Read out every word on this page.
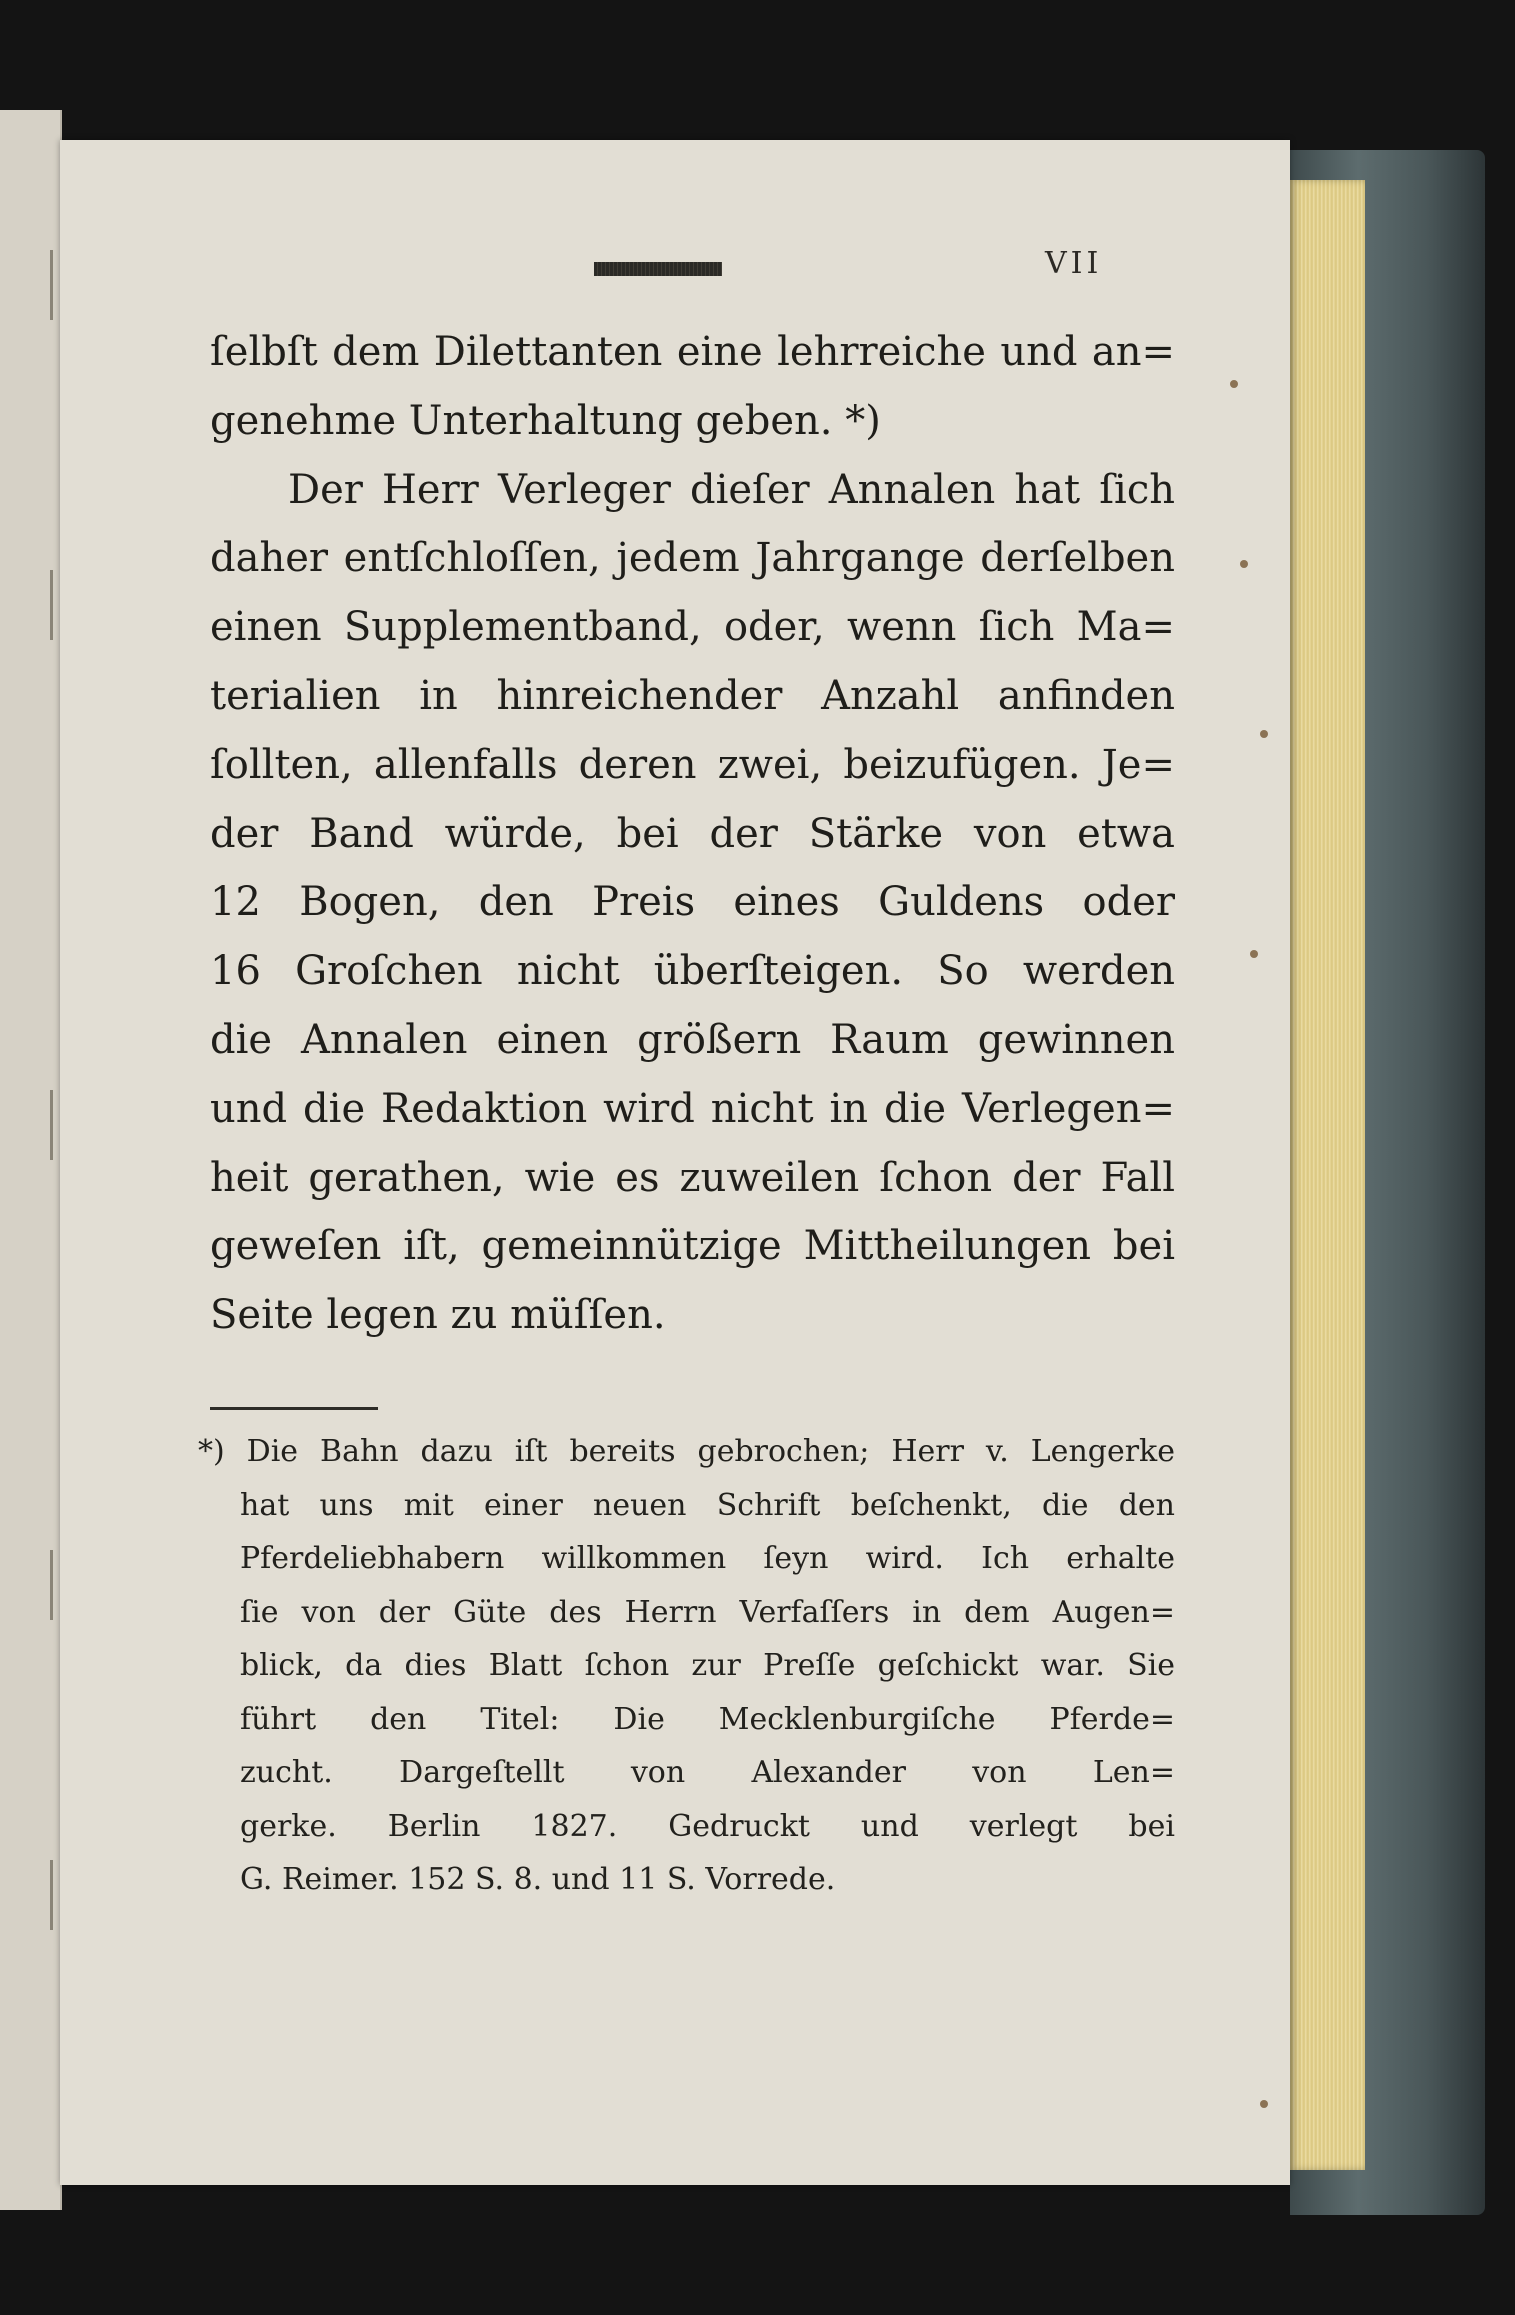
VII
ſelbſt dem Dilettanten eine lehrreiche und an=
genehme Unterhaltung geben. *)
Der Herr Verleger dieſer Annalen hat ſich
daher entſchloſſen, jedem Jahrgange derſelben
einen Supplementband, oder, wenn ſich Ma=
terialien in hinreichender Anzahl anfinden
ſollten, allenfalls deren zwei, beizufügen. Je=
der Band würde, bei der Stärke von etwa
12 Bogen, den Preis eines Guldens oder
16 Groſchen nicht überſteigen. So werden
die Annalen einen größern Raum gewinnen
und die Redaktion wird nicht in die Verlegen=
heit gerathen, wie es zuweilen ſchon der Fall
geweſen iſt, gemeinnützige Mittheilungen bei
Seite legen zu müſſen.
*) Die Bahn dazu iſt bereits gebrochen; Herr v. Lengerke
hat uns mit einer neuen Schrift beſchenkt, die den
Pferdeliebhabern willkommen ſeyn wird. Ich erhalte
ſie von der Güte des Herrn Verfaſſers in dem Augen=
blick, da dies Blatt ſchon zur Preſſe geſchickt war. Sie
führt den Titel: Die Mecklenburgiſche Pferde=
zucht. Dargeſtellt von Alexander von Len=
gerke. Berlin 1827. Gedruckt und verlegt bei
G. Reimer. 152 S. 8. und 11 S. Vorrede.
